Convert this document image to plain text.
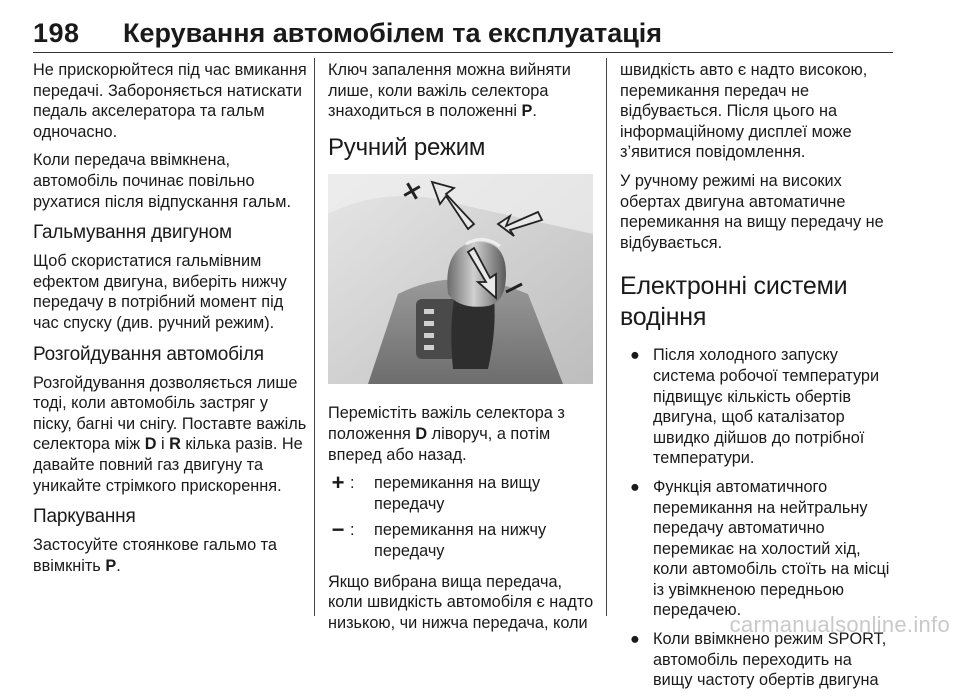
198 Керування автомобілем та експлуатація

Не прискорюйтеся під час вмикання передачі. Забороняється натискати педаль акселератора та гальм одночасно.

Коли передача ввімкнена, автомобіль починає повільно рухатися після відпускання гальм.

Гальмування двигуном

Щоб скористатися гальмівним ефектом двигуна, виберіть нижчу передачу в потрібний момент під час спуску (див. ручний режим).

Розгойдування автомобіля

Розгойдування дозволяється лише тоді, коли автомобіль застряг у піску, багні чи снігу. Поставте важіль селектора між D і R кілька разів. Не давайте повний газ двигуну та уникайте стрімкого прискорення.

Паркування

Застосуйте стоянкове гальмо та ввімкніть P.

Ключ запалення можна вийняти лише, коли важіль селектора знаходиться в положенні P.

Ручний режим

Перемістіть важіль селектора з положення D ліворуч, а потім вперед або назад.

+ : перемикання на вищу передачу
− : перемикання на нижчу передачу

Якщо вибрана вища передача, коли швидкість автомобіля є надто низькою, чи нижча передача, коли

швидкість авто є надто високою, перемикання передач не відбувається. Після цього на інформаційному дисплеї може з’явитися повідомлення.

У ручному режимі на високих обертах двигуна автоматичне перемикання на вищу передачу не відбувається.

Електронні системи водіння
● Після холодного запуску система робочої температури підвищує кількість обертів двигуна, щоб каталізатор швидко дійшов до потрібної температури.
● Функція автоматичного перемикання на нейтральну передачу автоматично перемикає на холостий хід, коли автомобіль стоїть на місці із увімкненою передньою передачею.
● Коли ввімкнено режим SPORT, автомобіль переходить на вищу частоту обертів двигуна
carmanualsonline.info
